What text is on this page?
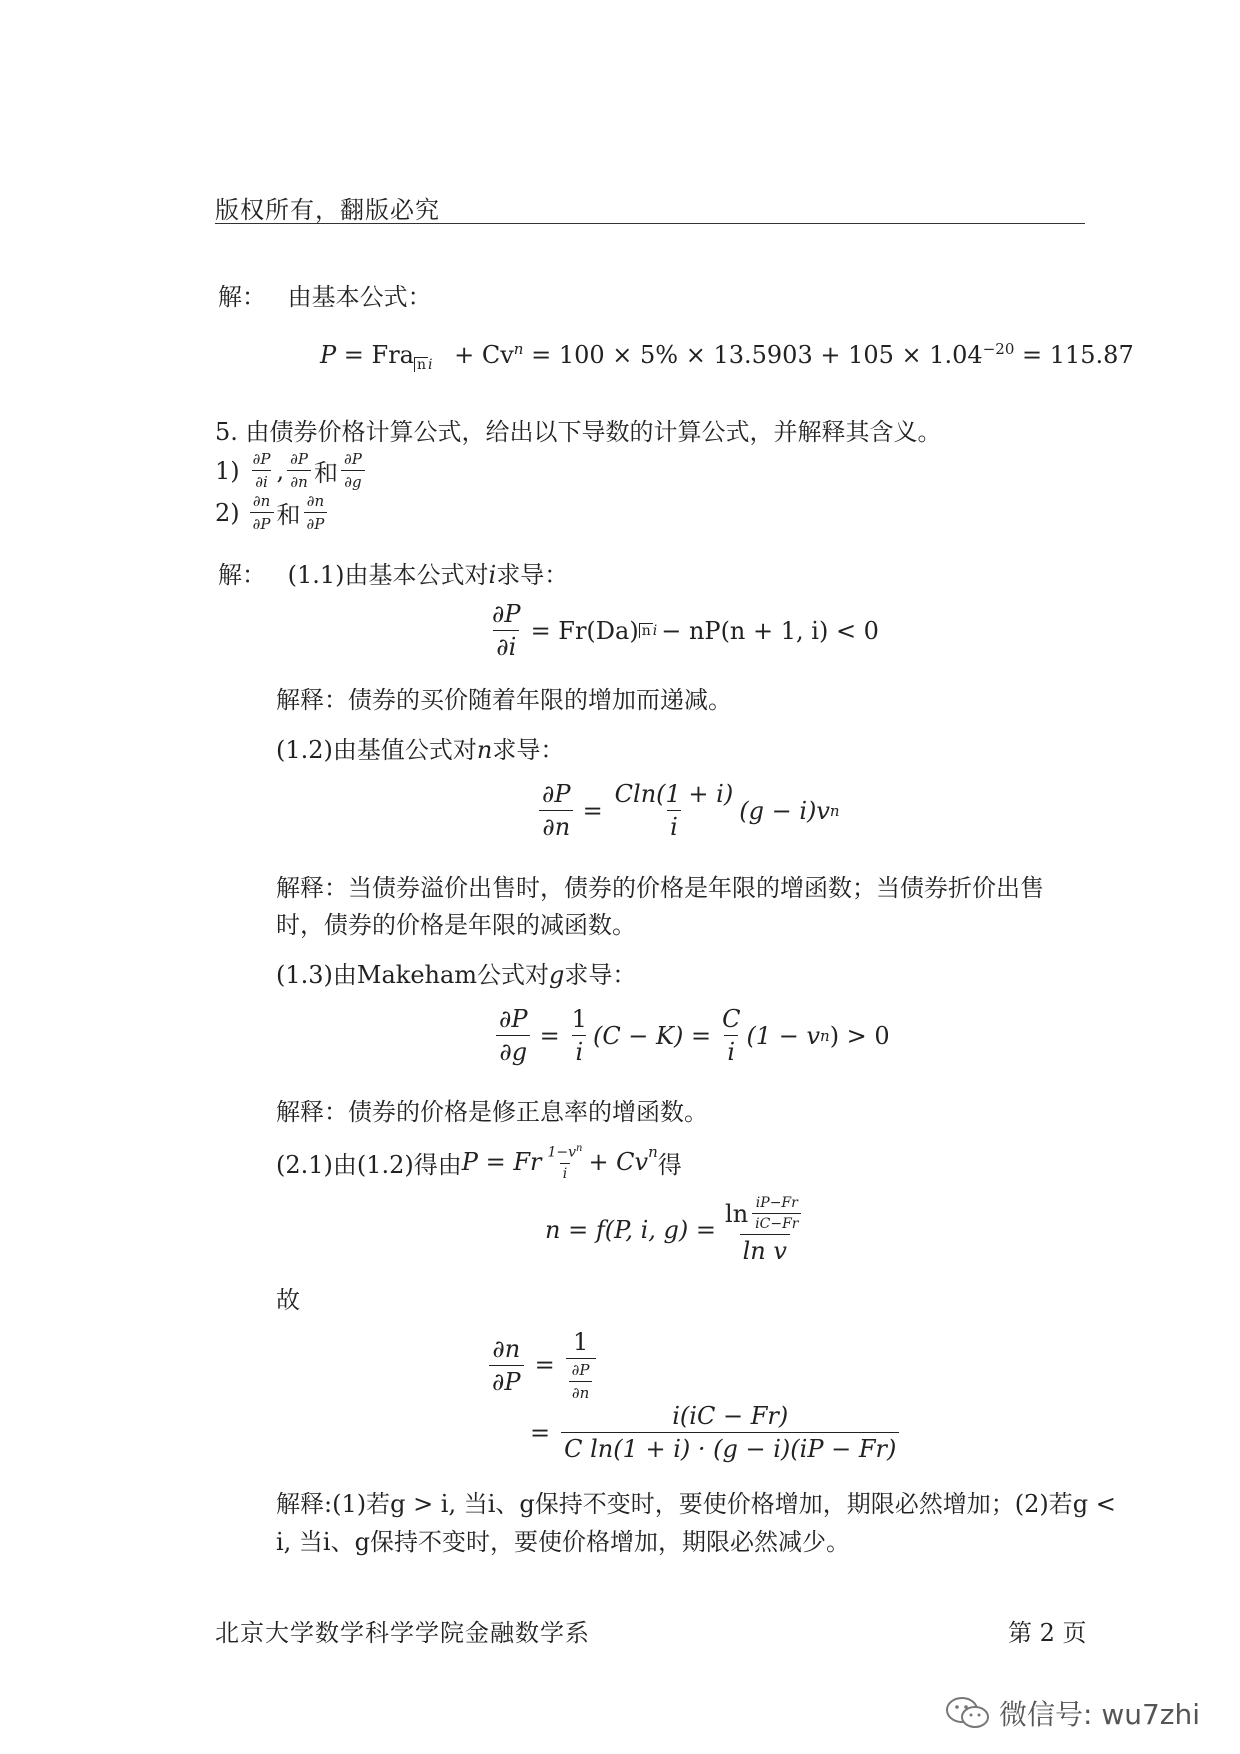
版权所有，翻版必究
解： 由基本公式：
P = Fra n $_i + Cv^n = 100 \times 5\% \times 13.5903 + 105 \times 1.04^{-20} = 115.87$
5. 由债券价格计算公式，给出以下导数的计算公式，并解释其含义。
$1) \frac{\partial P}{\partial i}$ , $\frac{\partial P}{\partial n}$ 和 $\frac{\partial P}{\partial g}$
$2) \frac{\partial n}{\partial P}$ 和 $\frac{\partial n}{\partial P}$
解： (1.1)由基本公式对i求导：
$\frac{\partial P}{\partial i} = Fr(Da)$ n i − nP(n + 1, i) < 0
解释：债券的买价随着年限的增加而递减。
(1.2)由基值公式对n求导：
$\frac{\partial P}{\partial n} = \frac{Cln(1 + i)}{i} (g - i)v$ n
解释：当债券溢价出售时，债券的价格是年限的增函数；当债券折价出售
时，债券的价格是年限的减函数。
(1.3)由Makeham公式对g求导：
$\frac{\partial P}{\partial g} = \frac{1}{i} (C - K) = \frac{C}{i} (1 - v$ n ) > 0
解释：债券的价格是修正息率的增函数。
(2.1)由(1.2)得由 P = Fr $\frac{1-v^n}{i} + Cv^n$ 得
n = f(P, i, $g) = \frac{\ln \frac{iP-Fr}{iC-Fr}}{\text{ln v}}$
故
$\frac{\partial n}{\partial P} = \frac{1}{\frac{\partial P}{\partial n}}$
= $\frac{i(iC - Fr)}{\text{C ln(1 + i) · (g − i)(iP − Fr)}}$
解释:(1)若g > i, 当i、g保持不变时，要使价格增加，期限必然增加；(2)若g <
i, 当i、g保持不变时，要使价格增加，期限必然减少。
北京大学数学科学学院金融数学系	第 2 页
微信号: wu7zhi
